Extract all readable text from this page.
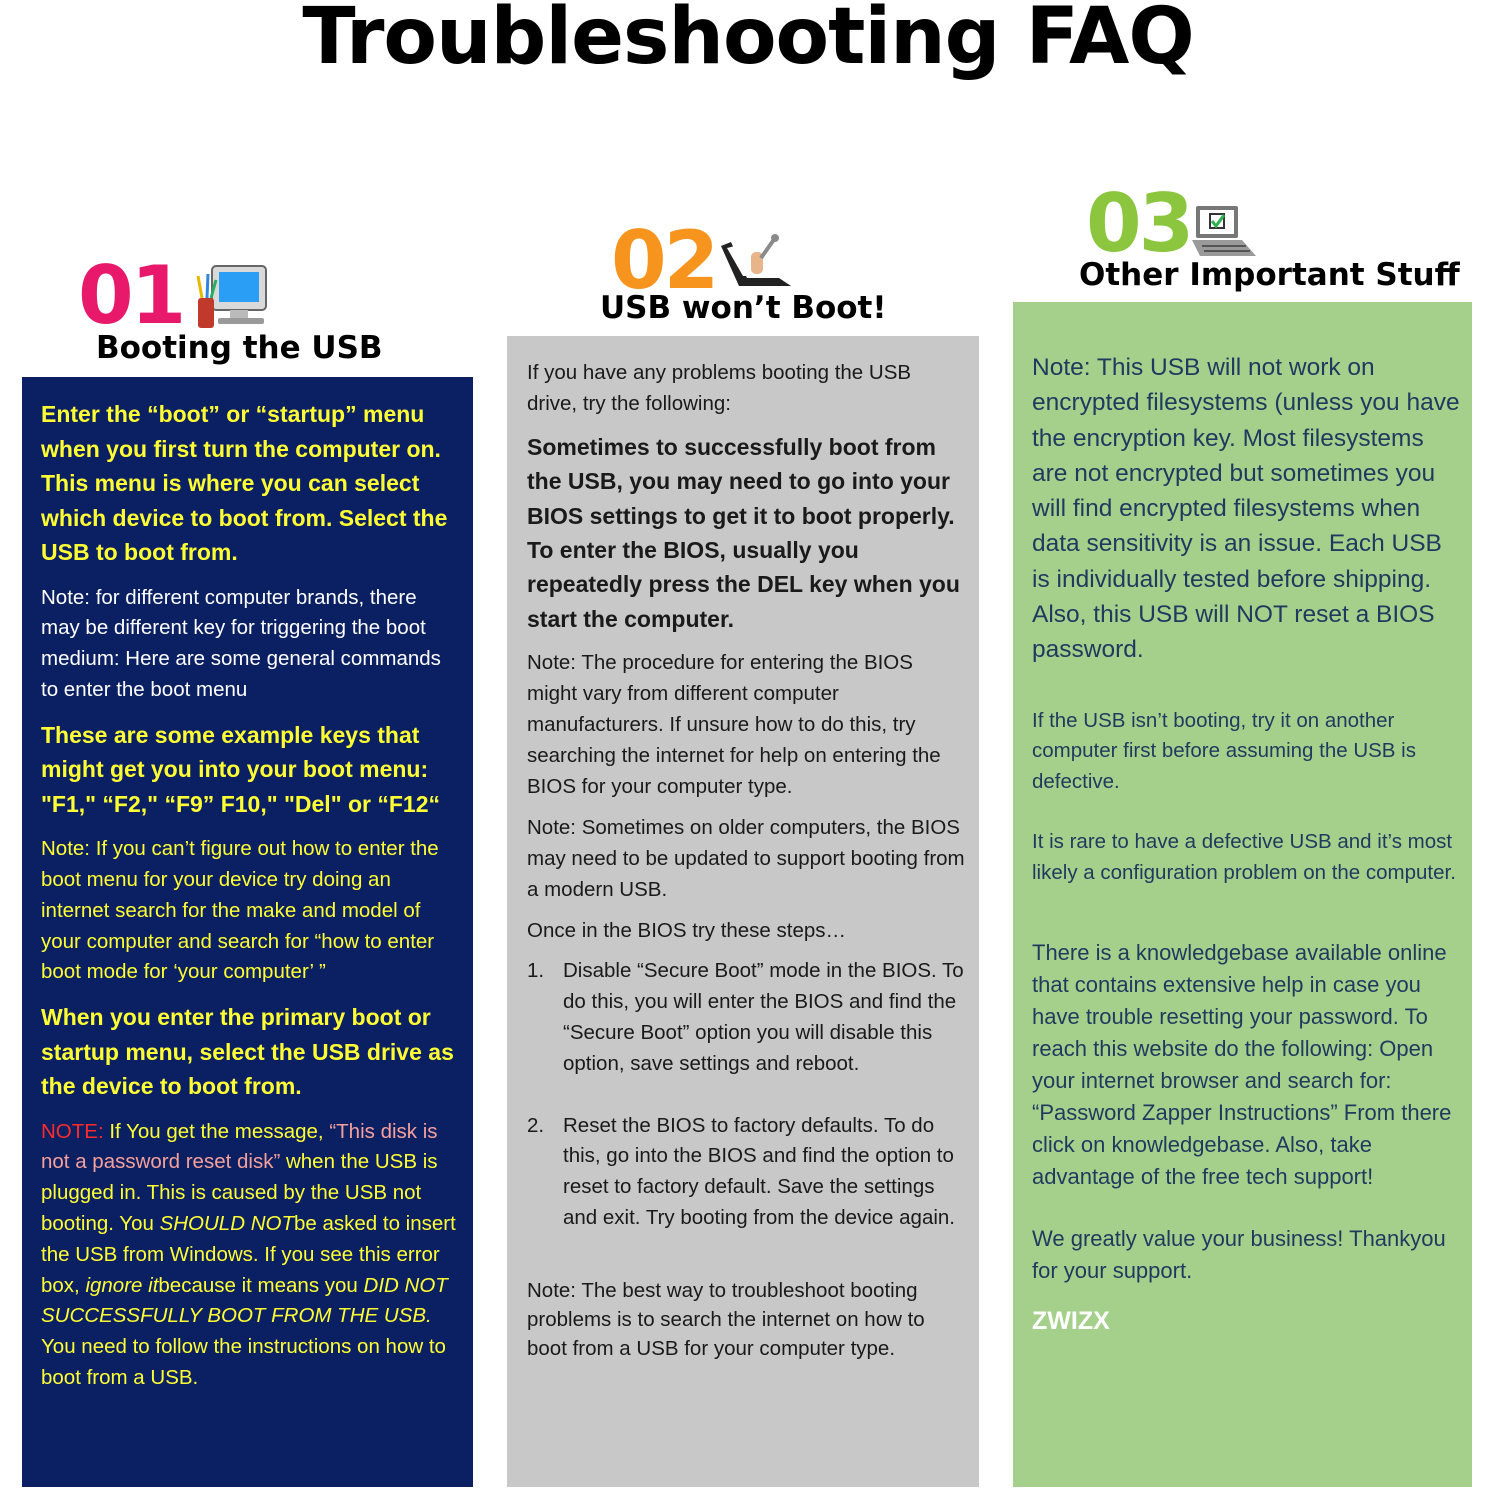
Troubleshooting FAQ
01
Booting the USB
02
USB won’t Boot!
03
Other Important Stuff

Enter the “boot” or “startup” menu when you first turn the computer on. This menu is where you can select which device to boot from. Select the USB to boot from.

Note: for different computer brands, there may be different key for triggering the boot medium: Here are some general commands to enter the boot menu

These are some example keys that might get you into your boot menu: "F1," “F2," “F9” F10," "Del" or “F12“

Note: If you can’t figure out how to enter the boot menu for your device try doing an internet search for the make and model of your computer and search for “how to enter boot mode for ‘your computer’ ”

When you enter the primary boot or startup menu, select the USB drive as the device to boot from.

NOTE: If You get the message, “This disk is not a password reset disk” when the USB is plugged in. This is caused by the USB not booting. You SHOULD NOTbe asked to insert the USB from Windows. If you see this error box, ignore itbecause it means you DID NOT SUCCESSFULLY BOOT FROM THE USB. You need to follow the instructions on how to boot from a USB.

If you have any problems booting the USB drive, try the following:

Sometimes to successfully boot from the USB, you may need to go into your BIOS settings to get it to boot properly. To enter the BIOS, usually you repeatedly press the DEL key when you start the computer.

Note: The procedure for entering the BIOS might vary from different computer manufacturers. If unsure how to do this, try searching the internet for help on entering the BIOS for your computer type.

Note: Sometimes on older computers, the BIOS may need to be updated to support booting from a modern USB.

Once in the BIOS try these steps…

1. Disable “Secure Boot” mode in the BIOS. To do this, you will enter the BIOS and find the “Secure Boot” option you will disable this option, save settings and reboot.
2. Reset the BIOS to factory defaults. To do this, go into the BIOS and find the option to reset to factory default. Save the settings and exit. Try booting from the device again.

Note: The best way to troubleshoot booting problems is to search the internet on how to boot from a USB for your computer type.

Note: This USB will not work on encrypted filesystems (unless you have the encryption key. Most filesystems are not encrypted but sometimes you will find encrypted filesystems when data sensitivity is an issue. Each USB is individually tested before shipping. Also, this USB will NOT reset a BIOS password.

If the USB isn’t booting, try it on another computer first before assuming the USB is defective.

It is rare to have a defective USB and it’s most likely a configuration problem on the computer.

There is a knowledgebase available online that contains extensive help in case you have trouble resetting your password. To reach this website do the following: Open your internet browser and search for: “Password Zapper Instructions” From there click on knowledgebase. Also, take advantage of the free tech support!

We greatly value your business! Thankyou for your support.

ZWIZX
